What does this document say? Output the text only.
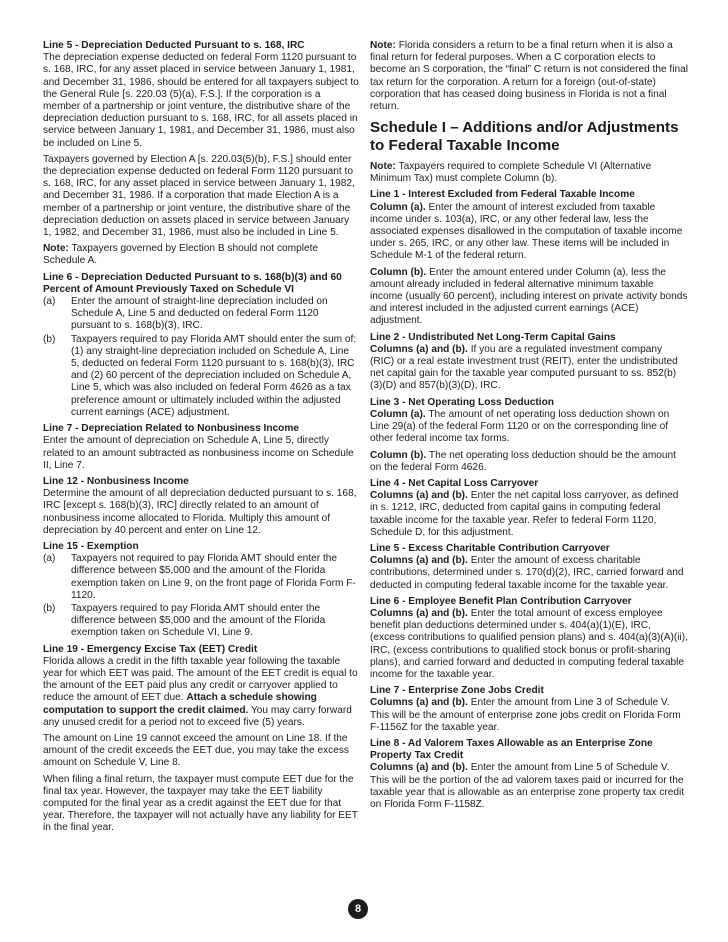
Line 5 - Depreciation Deducted Pursuant to s. 168, IRC
The depreciation expense deducted on federal Form 1120 pursuant to s. 168, IRC, for any asset placed in service between January 1, 1981, and December 31, 1986, should be entered for all taxpayers subject to the General Rule [s. 220.03 (5)(a), F.S.]. If the corporation is a member of a partnership or joint venture, the distributive share of the depreciation deduction pursuant to s. 168, IRC, for all assets placed in service between January 1, 1981, and December 31, 1986, must also be included on Line 5.

Taxpayers governed by Election A [s. 220.03(5)(b), F.S.] should enter the depreciation expense deducted on federal Form 1120 pursuant to s. 168, IRC, for any asset placed in service between January 1, 1982, and December 31, 1986. If a corporation that made Election A is a member of a partnership or joint venture, the distributive share of the depreciation deduction on assets placed in service between January 1, 1982, and December 31, 1986, must also be included in Line 5.

Note: Taxpayers governed by Election B should not complete Schedule A.

Line 6 - Depreciation Deducted Pursuant to s. 168(b)(3) and 60 Percent of Amount Previously Taxed on Schedule VI

(a) Enter the amount of straight-line depreciation included on Schedule A, Line 5 and deducted on federal Form 1120 pursuant to s. 168(b)(3), IRC.
(b) Taxpayers required to pay Florida AMT should enter the sum of: (1) any straight-line depreciation included on Schedule A, Line 5, deducted on federal Form 1120 pursuant to s. 168(b)(3), IRC and (2) 60 percent of the depreciation included on Schedule A, Line 5, which was also included on federal Form 4626 as a tax preference amount or ultimately included within the adjusted current earnings (ACE) adjustment.

Line 7 - Depreciation Related to Nonbusiness Income
Enter the amount of depreciation on Schedule A, Line 5, directly related to an amount subtracted as nonbusiness income on Schedule II, Line 7.

Line 12 - Nonbusiness Income
Determine the amount of all depreciation deducted pursuant to s. 168, IRC [except s. 168(b)(3), IRC] directly related to an amount of nonbusiness income allocated to Florida. Multiply this amount of depreciation by 40 percent and enter on Line 12.

Line 15 - Exemption

(a) Taxpayers not required to pay Florida AMT should enter the difference between $5,000 and the amount of the Florida exemption taken on Line 9, on the front page of Florida Form F-1120.
(b) Taxpayers required to pay Florida AMT should enter the difference between $5,000 and the amount of the Florida exemption taken on Schedule VI, Line 9.

Line 19 - Emergency Excise Tax (EET) Credit
Florida allows a credit in the fifth taxable year following the taxable year for which EET was paid. The amount of the EET credit is equal to the amount of the EET paid plus any credit or carryover applied to reduce the amount of EET due. Attach a schedule showing computation to support the credit claimed. You may carry forward any unused credit for a period not to exceed five (5) years.

The amount on Line 19 cannot exceed the amount on Line 18. If the amount of the credit exceeds the EET due, you may take the excess amount on Schedule V, Line 8.

When filing a final return, the taxpayer must compute EET due for the final tax year. However, the taxpayer may take the EET liability computed for the final year as a credit against the EET due for that year. Therefore, the taxpayer will not actually have any liability for EET in the final year.

Note: Florida considers a return to be a final return when it is also a final return for federal purposes. When a C corporation elects to become an S corporation, the “final” C return is not considered the final tax return for the corporation. A return for a foreign (out-of-state) corporation that has ceased doing business in Florida is not a final return.

Schedule I – Additions and/or Adjustments to Federal Taxable Income

Note: Taxpayers required to complete Schedule VI (Alternative Minimum Tax) must complete Column (b).

Line 1 - Interest Excluded from Federal Taxable Income
Column (a). Enter the amount of interest excluded from taxable income under s. 103(a), IRC, or any other federal law, less the associated expenses disallowed in the computation of taxable income under s. 265, IRC, or any other law. These items will be included in Schedule M-1 of the federal return.

Column (b). Enter the amount entered under Column (a), less the amount already included in federal alternative minimum taxable income (usually 60 percent), including interest on private activity bonds and interest included in the adjusted current earnings (ACE) adjustment.

Line 2 - Undistributed Net Long-Term Capital Gains
Columns (a) and (b). If you are a regulated investment company (RIC) or a real estate investment trust (REIT), enter the undistributed net capital gain for the taxable year computed pursuant to ss. 852(b)(3)(D) and 857(b)(3)(D), IRC.

Line 3 - Net Operating Loss Deduction
Column (a). The amount of net operating loss deduction shown on Line 29(a) of the federal Form 1120 or on the corresponding line of other federal income tax forms.

Column (b). The net operating loss deduction should be the amount on the federal Form 4626.

Line 4 - Net Capital Loss Carryover
Columns (a) and (b). Enter the net capital loss carryover, as defined in s. 1212, IRC, deducted from capital gains in computing federal taxable income for the taxable year. Refer to federal Form 1120, Schedule D, for this adjustment.

Line 5 - Excess Charitable Contribution Carryover
Columns (a) and (b). Enter the amount of excess charitable contributions, determined under s. 170(d)(2), IRC, carried forward and deducted in computing federal taxable income for the taxable year.

Line 6 - Employee Benefit Plan Contribution Carryover
Columns (a) and (b). Enter the total amount of excess employee benefit plan deductions determined under s. 404(a)(1)(E), IRC, (excess contributions to qualified pension plans) and s. 404(a)(3)(A)(ii), IRC, (excess contributions to qualified stock bonus or profit-sharing plans), and carried forward and deducted in computing federal taxable income for the taxable year.

Line 7 - Enterprise Zone Jobs Credit
Columns (a) and (b). Enter the amount from Line 3 of Schedule V. This will be the amount of enterprise zone jobs credit on Florida Form F-1156Z for the taxable year.

Line 8 - Ad Valorem Taxes Allowable as an Enterprise Zone Property Tax Credit
Columns (a) and (b). Enter the amount from Line 5 of Schedule V. This will be the portion of the ad valorem taxes paid or incurred for the taxable year that is allowable as an enterprise zone property tax credit on Florida Form F-1158Z.

8
